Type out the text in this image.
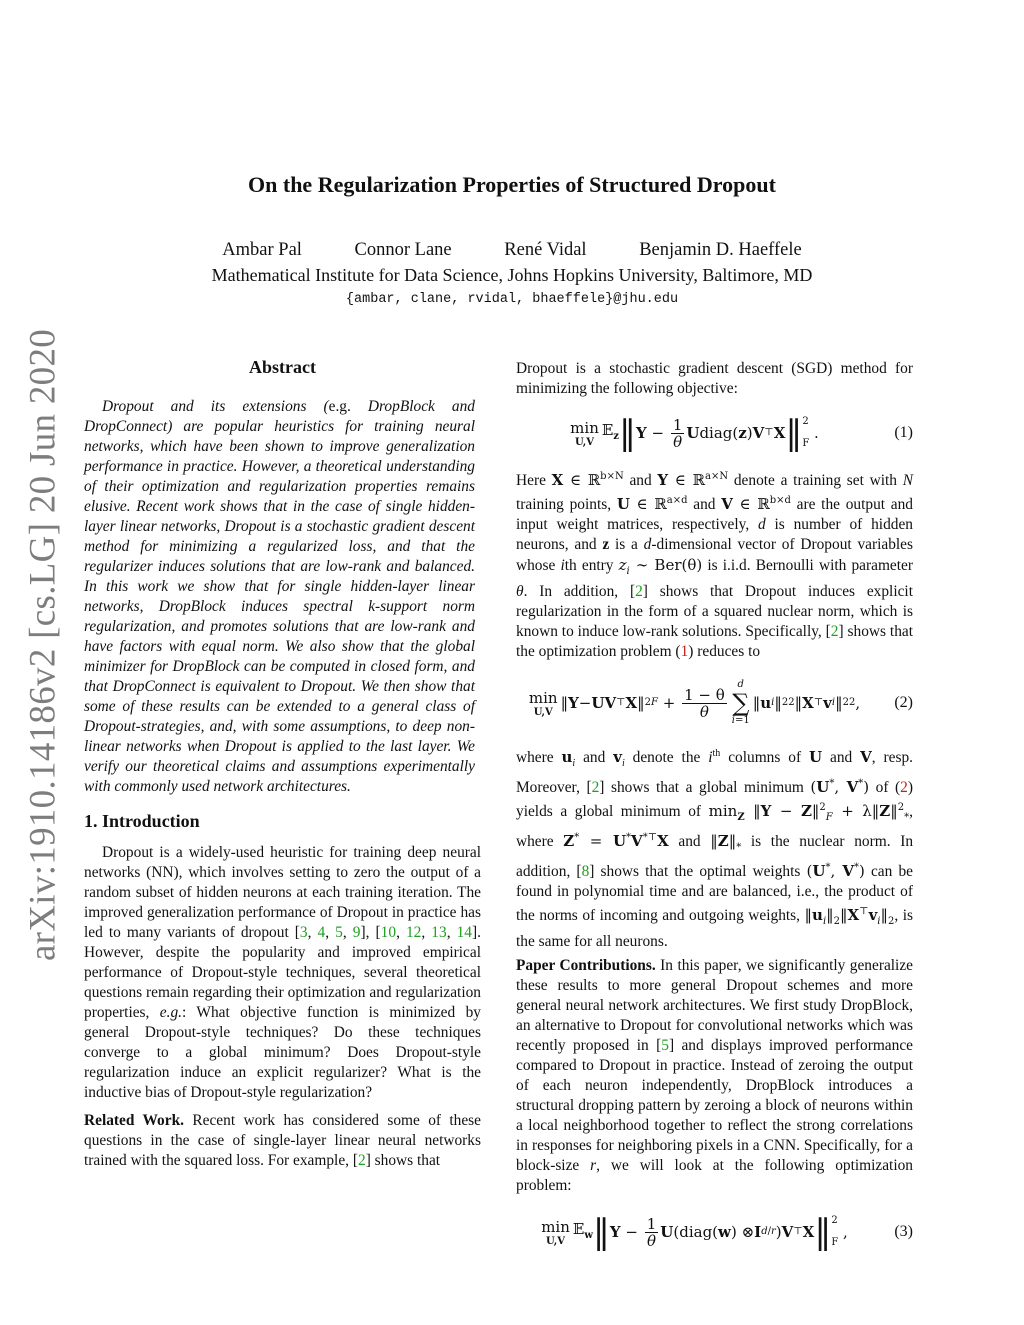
arXiv:1910.14186v2 [cs.LG] 20 Jun 2020
On the Regularization Properties of Structured Dropout
Ambar Pal	Connor Lane	René Vidal	Benjamin D. Haeffele
Mathematical Institute for Data Science, Johns Hopkins University, Baltimore, MD
{ambar, clane, rvidal, bhaeffele}@jhu.edu
Abstract

Dropout and its extensions (e.g. DropBlock and DropConnect) are popular heuristics for training neural networks, which have been shown to improve generalization performance in practice. However, a theoretical understanding of their optimization and regularization properties remains elusive. Recent work shows that in the case of single hidden-layer linear networks, Dropout is a stochastic gradient descent method for minimizing a regularized loss, and that the regularizer induces solutions that are low-rank and balanced. In this work we show that for single hidden-layer linear networks, DropBlock induces spectral k-support norm regularization, and promotes solutions that are low-rank and have factors with equal norm. We also show that the global minimizer for DropBlock can be computed in closed form, and that DropConnect is equivalent to Dropout. We then show that some of these results can be extended to a general class of Dropout-strategies, and, with some assumptions, to deep non-linear networks when Dropout is applied to the last layer. We verify our theoretical claims and assumptions experimentally with commonly used network architectures.

1. Introduction

Dropout is a widely-used heuristic for training deep neural networks (NN), which involves setting to zero the output of a random subset of hidden neurons at each training iteration. The improved generalization performance of Dropout in practice has led to many variants of dropout [3, 4, 5, 9], [10, 12, 13, 14]. However, despite the popularity and improved empirical performance of Dropout-style techniques, several theoretical questions remain regarding their optimization and regularization properties, e.g.: What objective function is minimized by general Dropout-style techniques? Do these techniques converge to a global minimum? Does Dropout-style regularization induce an explicit regularizer? What is the inductive bias of Dropout-style regularization?

Related Work. Recent work has considered some of these questions in the case of single-layer linear neural networks trained with the squared loss. For example, [2] shows that

Dropout is a stochastic gradient descent (SGD) method for minimizing the following objective:

min
U,V
𝔼$_z$ ‖ $Y - \frac{1}{\theta}$ U diag( z ) V ⊤ X ‖ 2
F
.	(1)

Here X ∈ ℝ$^{b\times N}$ and Y ∈ ℝ$^{a\times N}$ denote a training set with N training points, U ∈ ℝ$^{a\times d}$ and V ∈ ℝ$^{b\times d}$ are the output and input weight matrices, respectively, d is number of hidden neurons, and z is a d-dimensional vector of Dropout variables whose ith entry $z_i$ ∼ Ber(θ) is i.i.d. Bernoulli with parameter θ. In addition, [2] shows that Dropout induces explicit regularization in the form of a squared nuclear norm, which is known to induce low-rank solutions. Specifically, [2] shows that the optimization problem (1) reduces to

min
U,V
‖ Y − UV ⊤ X ‖ 2 $F + \frac{1 - \theta}{\theta}$
d
∑
i=1
‖ u i ‖ 2 2 ‖ X ⊤ v i ‖ 2 2 ,	(2)

where $u_i$ and $v_i$ denote the $i^{th}$ columns of U and V, resp. Moreover, [2] shows that a global minimum (U*, V*) of (2) yields a global minimum of $\min_Z$ ‖Y − Z‖$^2_F$ + λ‖Z‖$^2_*$, where Z* = U*V*⊤X and $‖Z‖_*$ is the nuclear norm. In addition, [8] shows that the optimal weights (U*, V*) can be found in polynomial time and are balanced, i.e., the product of the norms of incoming and outgoing weights, $‖u_i‖_2‖X^⊤v_i‖_2$, is the same for all neurons.

Paper Contributions. In this paper, we significantly generalize these results to more general Dropout schemes and more general neural network architectures. We first study DropBlock, an alternative to Dropout for convolutional networks which was recently proposed in [5] and displays improved performance compared to Dropout in practice. Instead of zeroing the output of each neuron independently, DropBlock introduces a structural dropping pattern by zeroing a block of neurons within a local neighborhood together to reflect the strong correlations in responses for neighboring pixels in a CNN. Specifically, for a block-size r, we will look at the following optimization problem:

min
U,V
𝔼$_w$ ‖ $Y - \frac{1}{\theta}$ U (diag( w ) ⊗ I d/r ) V ⊤ X ‖ 2
F
,	(3)
